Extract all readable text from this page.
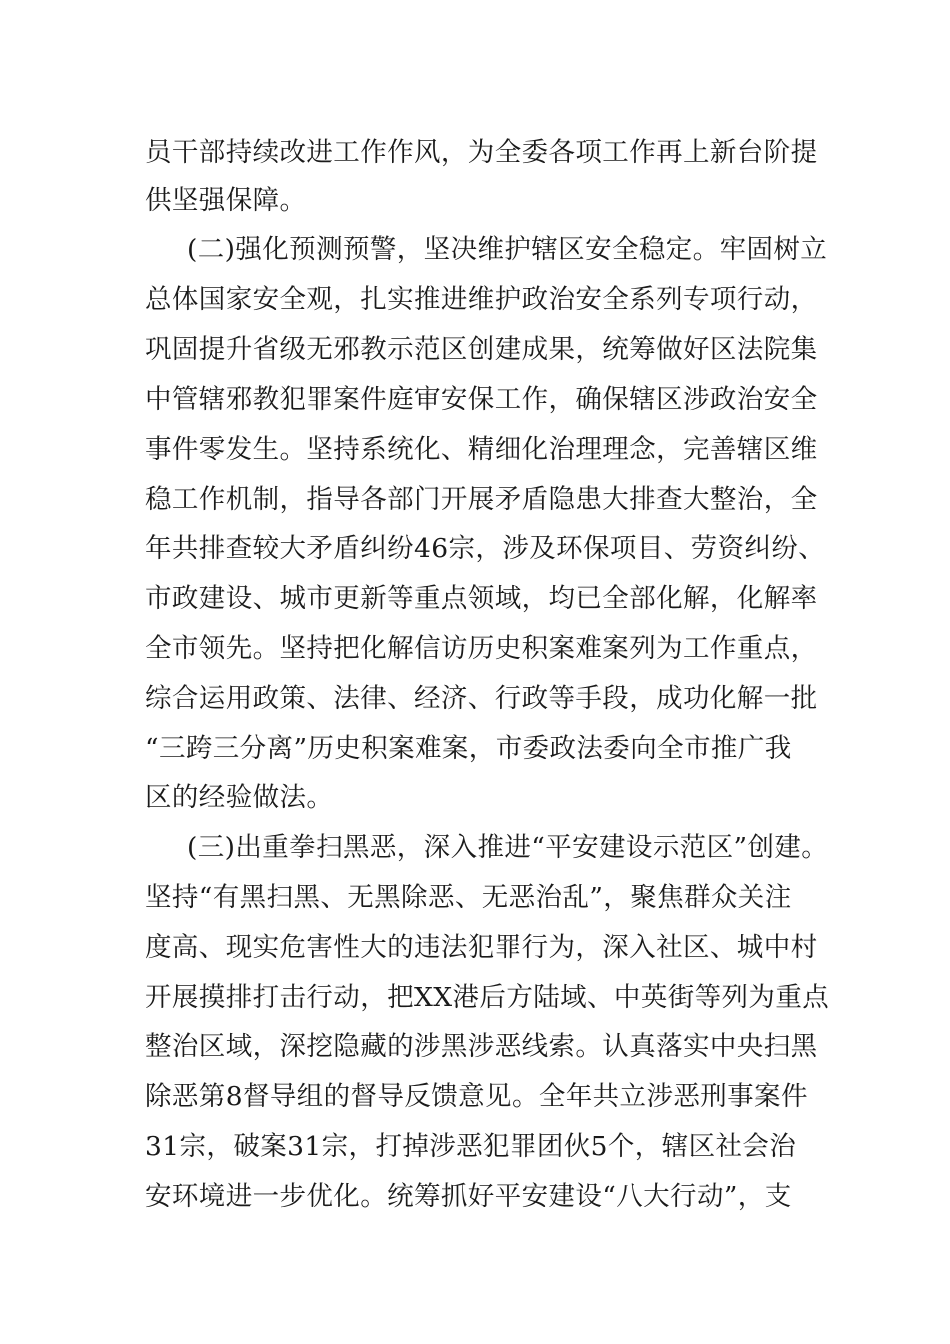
员干部持续改进工作作风，为全委各项工作再上新台阶提
供坚强保障。
(二)强化预测预警，坚决维护辖区安全稳定。牢固树立
总体国家安全观，扎实推进维护政治安全系列专项行动，
巩固提升省级无邪教示范区创建成果，统筹做好区法院集
中管辖邪教犯罪案件庭审安保工作，确保辖区涉政治安全
事件零发生。坚持系统化、精细化治理理念，完善辖区维
稳工作机制，指导各部门开展矛盾隐患大排查大整治，全
年共排查较大矛盾纠纷46宗，涉及环保项目、劳资纠纷、
市政建设、城市更新等重点领域，均已全部化解，化解率
全市领先。坚持把化解信访历史积案难案列为工作重点，
综合运用政策、法律、经济、行政等手段，成功化解一批
“三跨三分离”历史积案难案，市委政法委向全市推广我
区的经验做法。
(三)出重拳扫黑恶，深入推进“平安建设示范区”创建。
坚持“有黑扫黑、无黑除恶、无恶治乱”，聚焦群众关注
度高、现实危害性大的违法犯罪行为，深入社区、城中村
开展摸排打击行动，把XX港后方陆域、中英街等列为重点
整治区域，深挖隐藏的涉黑涉恶线索。认真落实中央扫黑
除恶第8督导组的督导反馈意见。全年共立涉恶刑事案件
31宗，破案31宗，打掉涉恶犯罪团伙5个，辖区社会治
安环境进一步优化。统筹抓好平安建设“八大行动”，支
